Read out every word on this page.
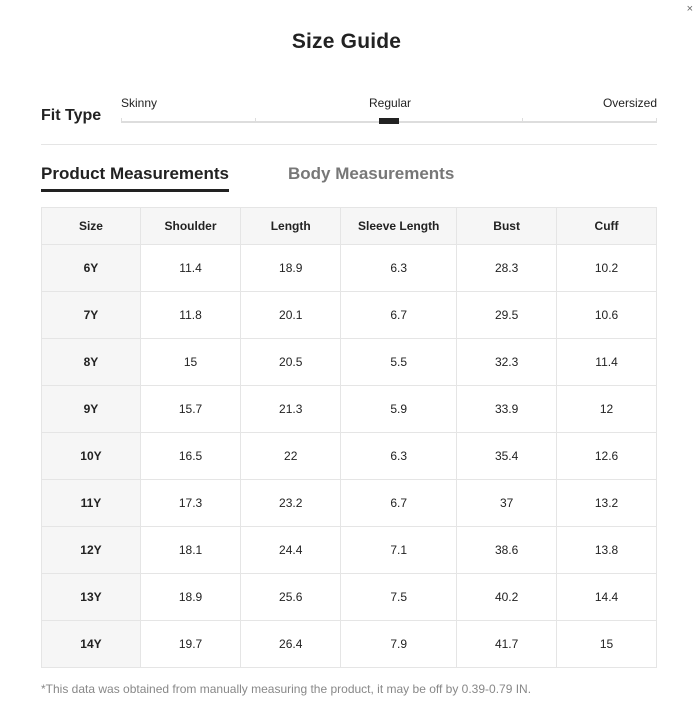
×
Size Guide
Fit Type
Skinny	Regular	Oversized
Product Measurements	Body Measurements
Size	Shoulder	Length	Sleeve Length	Bust	Cuff
6Y	11.4	18.9	6.3	28.3	10.2
7Y	11.8	20.1	6.7	29.5	10.6
8Y	15	20.5	5.5	32.3	11.4
9Y	15.7	21.3	5.9	33.9	12
10Y	16.5	22	6.3	35.4	12.6
11Y	17.3	23.2	6.7	37	13.2
12Y	18.1	24.4	7.1	38.6	13.8
13Y	18.9	25.6	7.5	40.2	14.4
14Y	19.7	26.4	7.9	41.7	15
*This data was obtained from manually measuring the product, it may be off by 0.39-0.79 IN.
